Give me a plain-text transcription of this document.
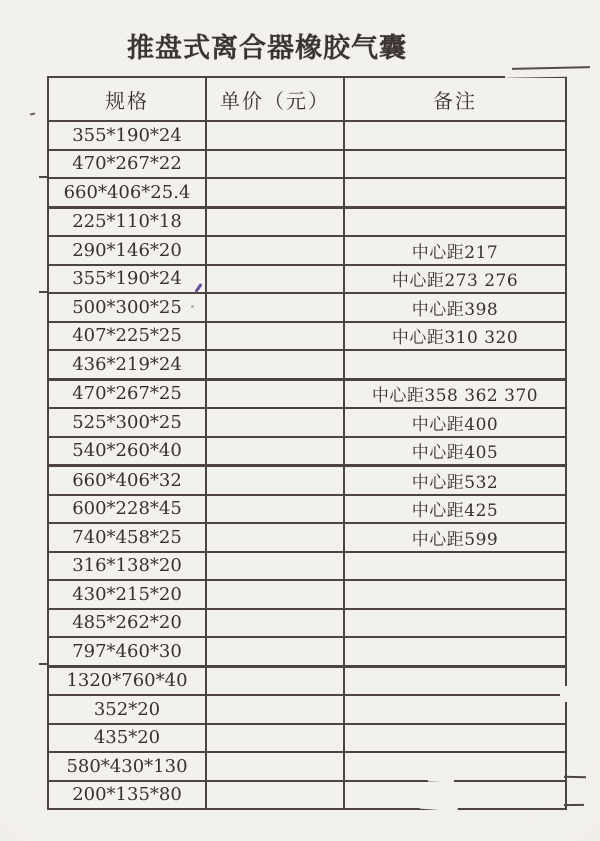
推盘式离合器橡胶气囊
规格	单价（元）	备注
355*190*24		
470*267*22		
660*406*25.4		
225*110*18		
290*146*20		中心距217
355*190*24		中心距273 276
500*300*25		中心距398
407*225*25		中心距310 320
436*219*24		
470*267*25		中心距358 362 370
525*300*25		中心距400
540*260*40		中心距405
660*406*32		中心距532
600*228*45		中心距425
740*458*25		中心距599
316*138*20		
430*215*20		
485*262*20		
797*460*30		
1320*760*40		
352*20		
435*20		
580*430*130		
200*135*80		
